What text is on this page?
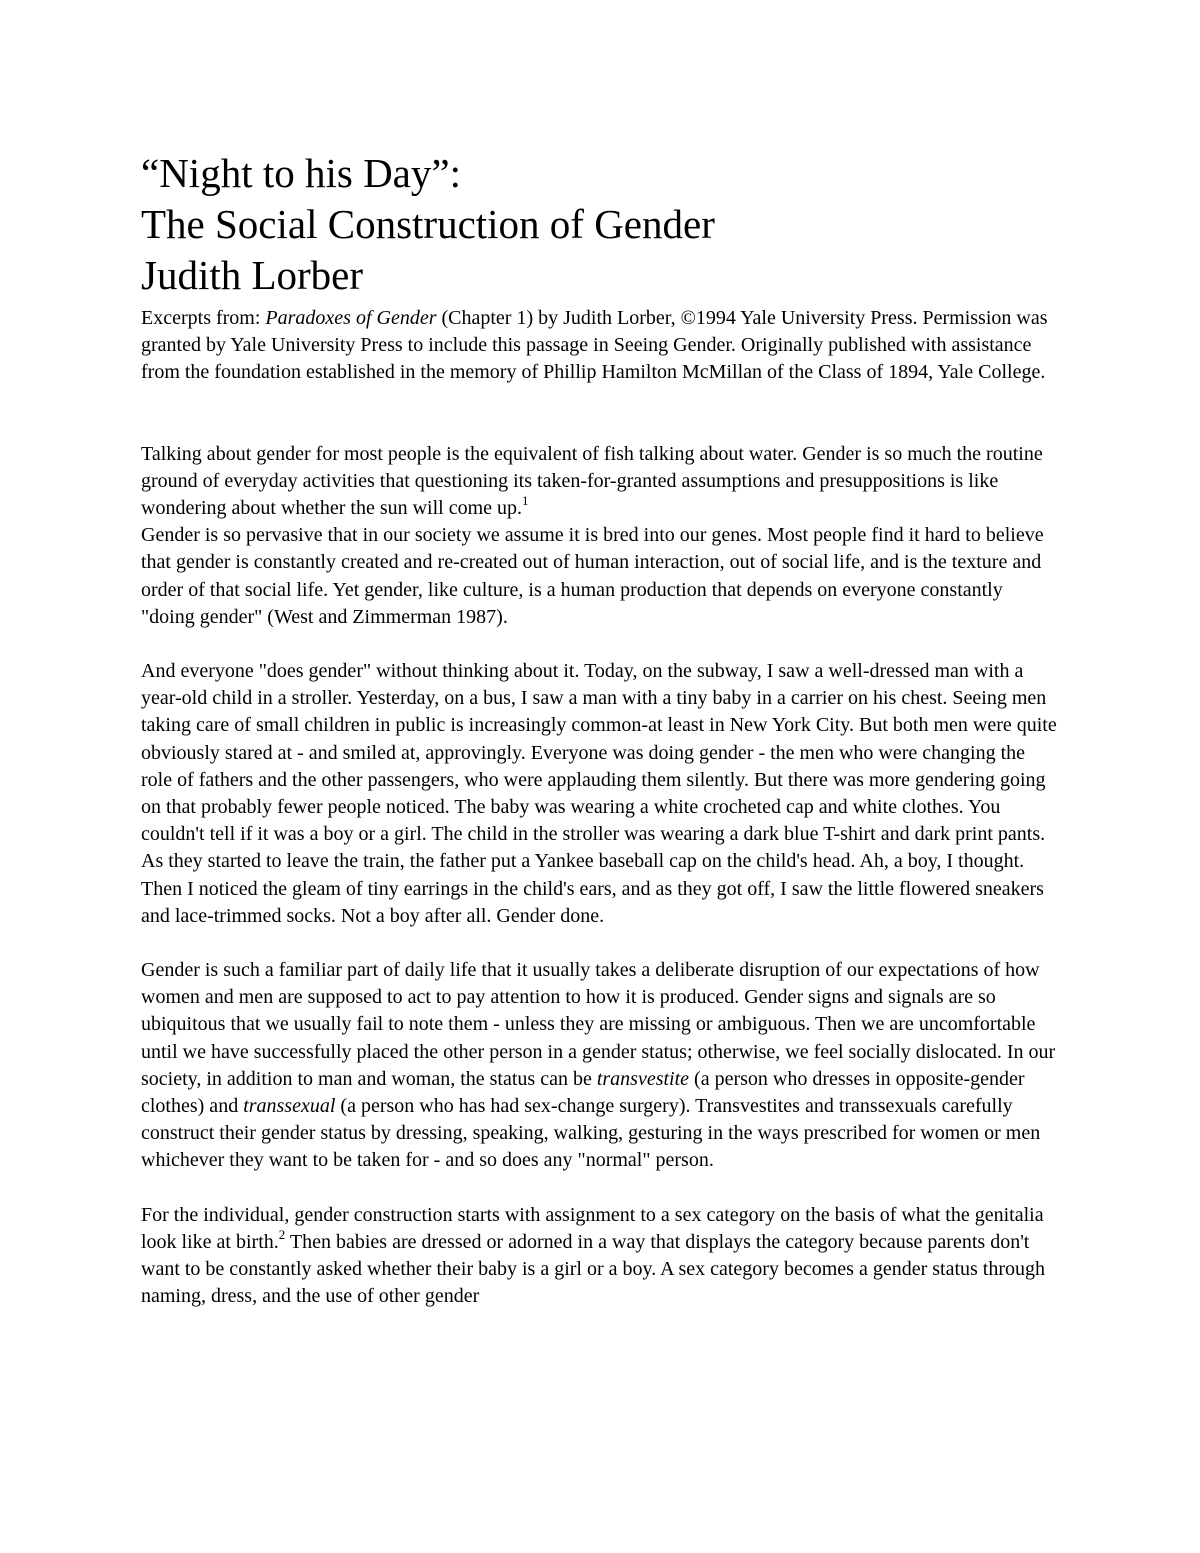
“Night to his Day”:
The Social Construction of Gender
Judith Lorber

Excerpts from: Paradoxes of Gender (Chapter 1) by Judith Lorber, ©1994 Yale University Press. Permission was granted by Yale University Press to include this passage in Seeing Gender. Originally published with assistance from the foundation established in the memory of Phillip Hamilton McMillan of the Class of 1894, Yale College.

Talking about gender for most people is the equivalent of fish talking about water. Gender is so much the routine ground of everyday activities that questioning its taken-for-granted assumptions and presuppositions is like wondering about whether the sun will come up.$^1$
Gender is so pervasive that in our society we assume it is bred into our genes. Most people find it hard to believe that gender is constantly created and re-created out of human interaction, out of social life, and is the texture and order of that social life. Yet gender, like culture, is a human production that depends on everyone constantly "doing gender" (West and Zimmerman 1987).

And everyone "does gender" without thinking about it. Today, on the subway, I saw a well-dressed man with a year-old child in a stroller. Yesterday, on a bus, I saw a man with a tiny baby in a carrier on his chest. Seeing men taking care of small children in public is increasingly common-at least in New York City. But both men were quite obviously stared at - and smiled at, approvingly. Everyone was doing gender - the men who were changing the role of fathers and the other passengers, who were applauding them silently. But there was more gendering going on that probably fewer people noticed. The baby was wearing a white crocheted cap and white clothes. You couldn't tell if it was a boy or a girl. The child in the stroller was wearing a dark blue T-shirt and dark print pants. As they started to leave the train, the father put a Yankee baseball cap on the child's head. Ah, a boy, I thought. Then I noticed the gleam of tiny earrings in the child's ears, and as they got off, I saw the little flowered sneakers and lace-trimmed socks. Not a boy after all. Gender done.

Gender is such a familiar part of daily life that it usually takes a deliberate disruption of our expectations of how women and men are supposed to act to pay attention to how it is produced. Gender signs and signals are so ubiquitous that we usually fail to note them - unless they are missing or ambiguous. Then we are uncomfortable until we have successfully placed the other person in a gender status; otherwise, we feel socially dislocated. In our society, in addition to man and woman, the status can be transvestite (a person who dresses in opposite-gender clothes) and transsexual (a person who has had sex-change surgery). Transvestites and transsexuals carefully construct their gender status by dressing, speaking, walking, gesturing in the ways prescribed for women or men whichever they want to be taken for - and so does any "normal" person.

For the individual, gender construction starts with assignment to a sex category on the basis of what the genitalia look like at birth.$^2$ Then babies are dressed or adorned in a way that displays the category because parents don't want to be constantly asked whether their baby is a girl or a boy. A sex category becomes a gender status through naming, dress, and the use of other gender
